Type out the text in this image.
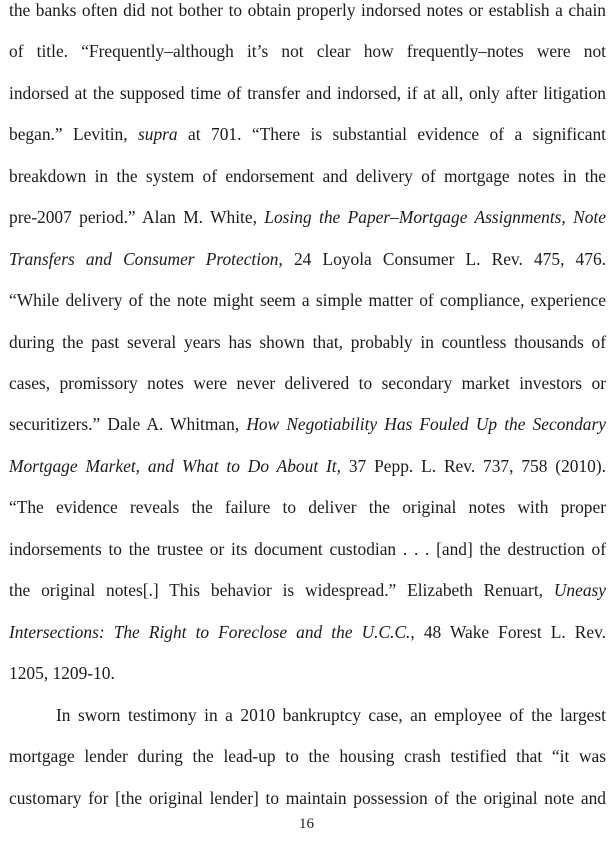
the banks often did not bother to obtain properly indorsed notes or establish a chain
of title. “Frequently–although it’s not clear how frequently–notes were not
indorsed at the supposed time of transfer and indorsed, if at all, only after litigation
began.” Levitin, supra at 701. “There is substantial evidence of a significant
breakdown in the system of endorsement and delivery of mortgage notes in the
pre-2007 period.” Alan M. White, Losing the Paper–Mortgage Assignments, Note
Transfers and Consumer Protection, 24 Loyola Consumer L. Rev. 475, 476.
“While delivery of the note might seem a simple matter of compliance, experience
during the past several years has shown that, probably in countless thousands of
cases, promissory notes were never delivered to secondary market investors or
securitizers.” Dale A. Whitman, How Negotiability Has Fouled Up the Secondary
Mortgage Market, and What to Do About It, 37 Pepp. L. Rev. 737, 758 (2010).
“The evidence reveals the failure to deliver the original notes with proper
indorsements to the trustee or its document custodian . . . [and] the destruction of
the original notes[.] This behavior is widespread.” Elizabeth Renuart, Uneasy
Intersections: The Right to Foreclose and the U.C.C., 48 Wake Forest L. Rev.
1205, 1209-10.
In sworn testimony in a 2010 bankruptcy case, an employee of the largest
mortgage lender during the lead-up to the housing crash testified that “it was
customary for [the original lender] to maintain possession of the original note and
16
